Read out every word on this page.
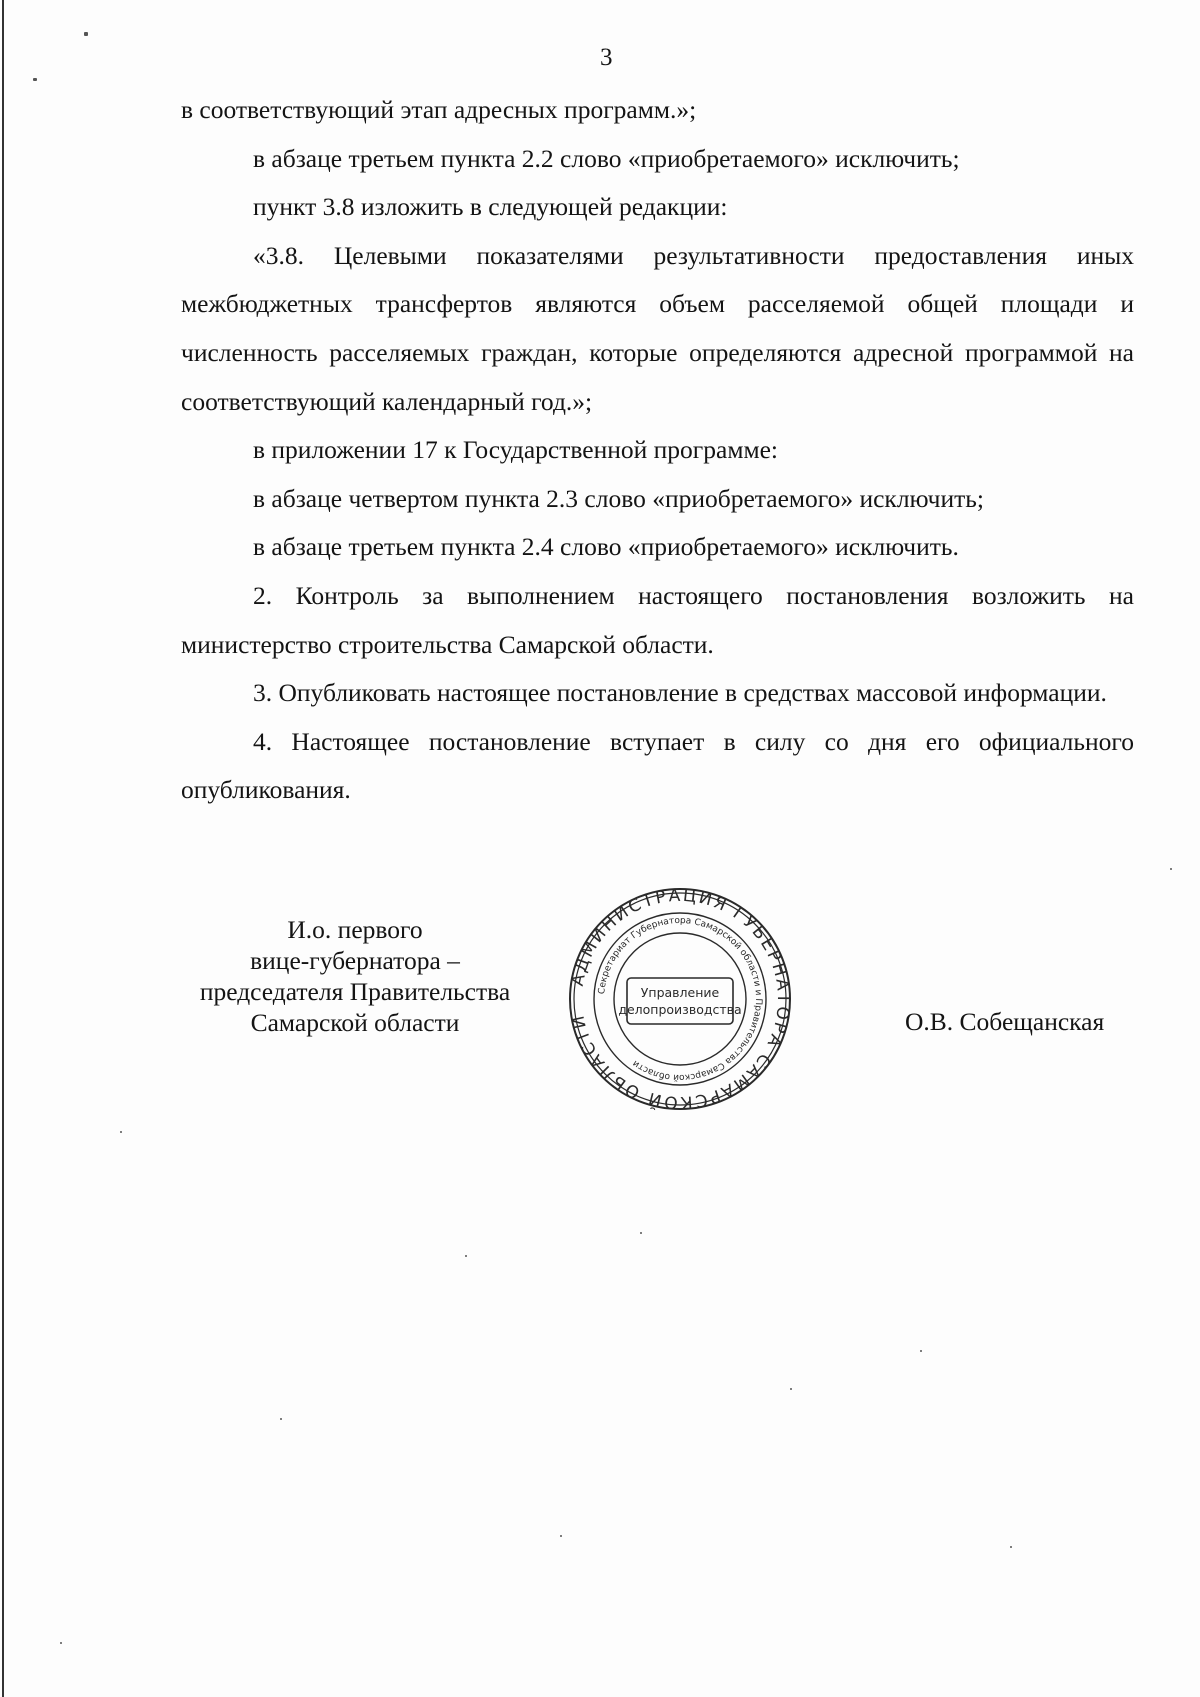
3

в соответствующий этап адресных программ.»;

в абзаце третьем пункта 2.2 слово «приобретаемого» исключить;

пункт 3.8 изложить в следующей редакции:

«3.8. Целевыми показателями результативности предоставления иных межбюджетных трансфертов являются объем расселяемой общей площади и численность расселяемых граждан, которые определяются адресной программой на соответствующий календарный год.»;

в приложении 17 к Государственной программе:

в абзаце четвертом пункта 2.3 слово «приобретаемого» исключить;

в абзаце третьем пункта 2.4 слово «приобретаемого» исключить.

2. Контроль за выполнением настоящего постановления возложить на министерство строительства Самарской области.

3. Опубликовать настоящее постановление в средствах массовой информации.

4. Настоящее постановление вступает в силу со дня его официального опубликования.

И.о. первого
вице-губернатора –
председателя Правительства
Самарской области
АДМИНИСТРАЦИЯ ГУБЕРНАТОРА САМАРСКОЙ ОБЛАСТИ
Секретариат Губернатора Самарской области и Правительства Самарской области
Управление
делопроизводства	О.В. Собещанская
